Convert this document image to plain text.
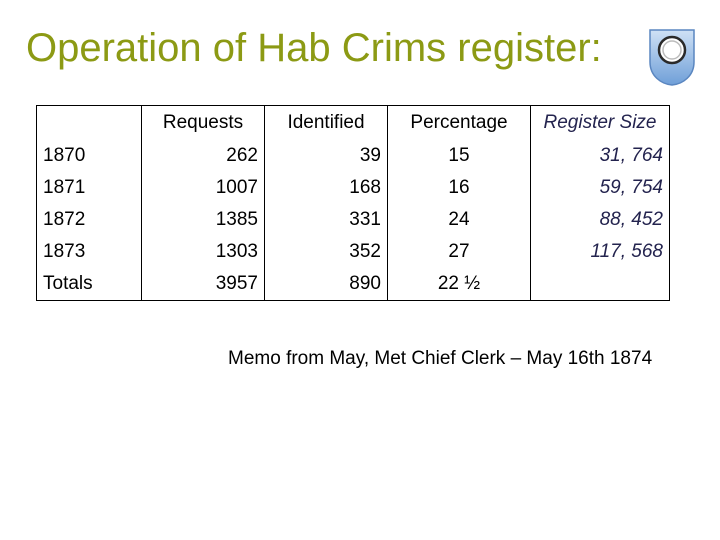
Operation of Hab Crims register:
	Requests	Identified	Percentage	Register Size
1870	262	39	15	31, 764
1871	1007	168	16	59, 754
1872	1385	331	24	88, 452
1873	1303	352	27	117, 568
Totals	3957	890	22 ½	
Memo from May, Met Chief Clerk – May 16th 1874
